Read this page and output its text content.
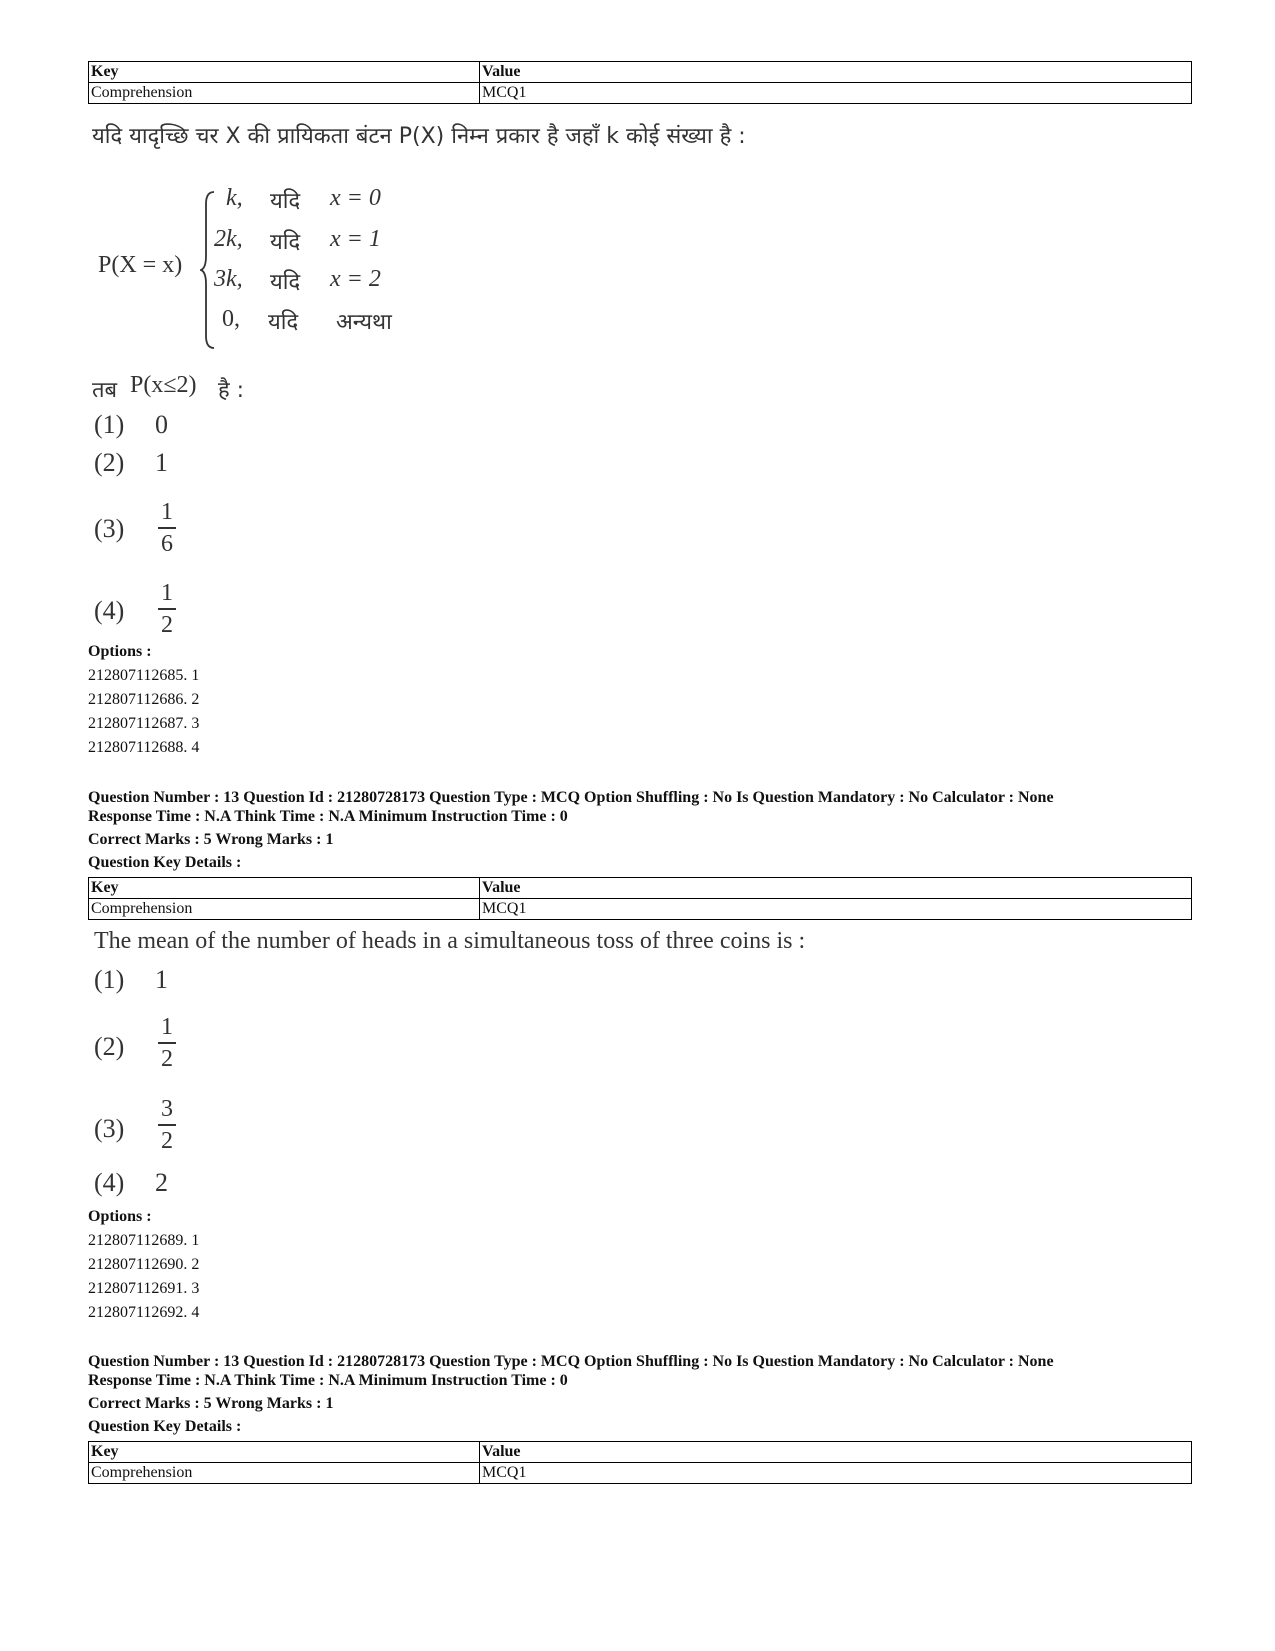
Key	Value
Comprehension	MCQ1
यदि यादृच्छि चर X की प्रायिकता बंटन P(X) निम्न प्रकार है जहाँ k कोई संख्या है :
P(X = x)
k, यदि x = 0
2k, यदि x = 1
3k, यदि x = 2
0, यदि अन्यथा
तब P(x≤2) है :
(1) 0
(2) 1
(3)
1
6
(4)
1
2
Options :
212807112685. 1
212807112686. 2
212807112687. 3
212807112688. 4
Question Number : 13 Question Id : 21280728173 Question Type : MCQ Option Shuffling : No Is Question Mandatory : No Calculator : None
Response Time : N.A Think Time : N.A Minimum Instruction Time : 0
Correct Marks : 5 Wrong Marks : 1
Question Key Details :
Key	Value
Comprehension	MCQ1
The mean of the number of heads in a simultaneous toss of three coins is :
(1) 1
(2)
1
2
(3)
3
2
(4) 2
Options :
212807112689. 1
212807112690. 2
212807112691. 3
212807112692. 4
Question Number : 13 Question Id : 21280728173 Question Type : MCQ Option Shuffling : No Is Question Mandatory : No Calculator : None
Response Time : N.A Think Time : N.A Minimum Instruction Time : 0
Correct Marks : 5 Wrong Marks : 1
Question Key Details :
Key	Value
Comprehension	MCQ1
